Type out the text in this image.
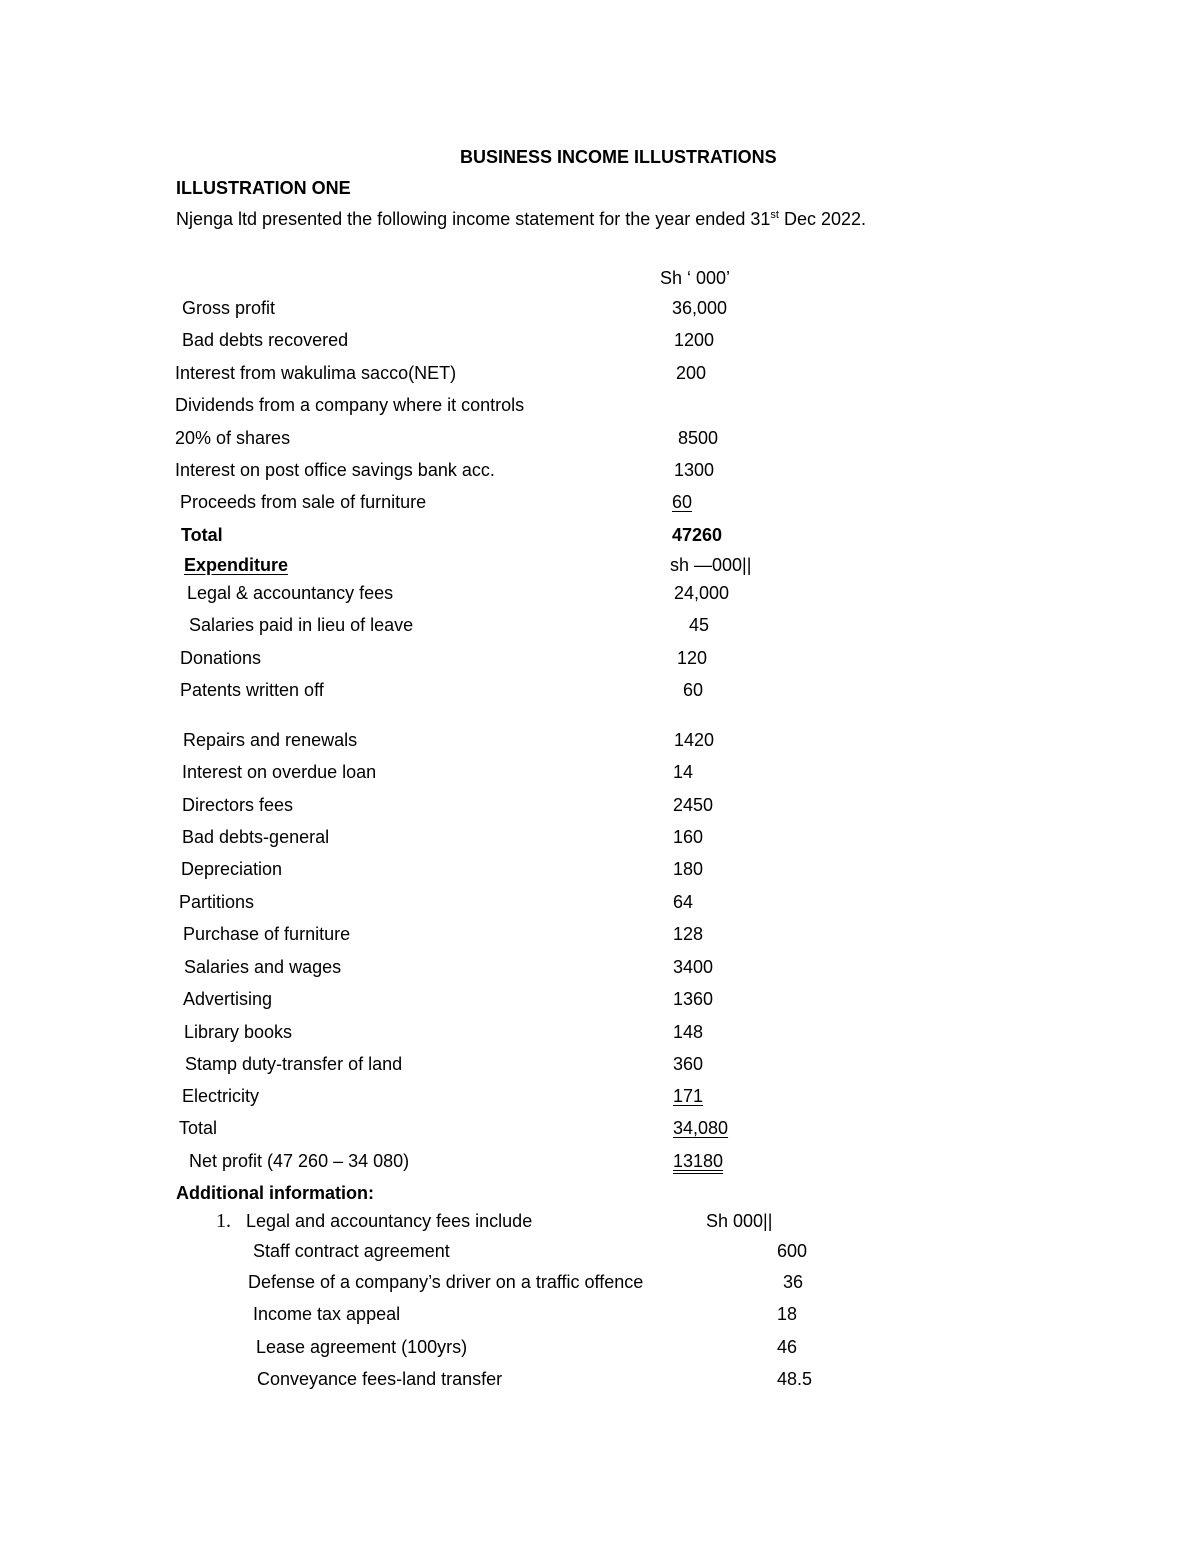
BUSINESS INCOME ILLUSTRATIONS
ILLUSTRATION ONE
Njenga ltd presented the following income statement for the year ended 31st Dec 2022.
Sh ‘ 000’
Gross profit	36,000
Bad debts recovered	1200
Interest from wakulima sacco(NET)	200
Dividends from a company where it controls
20% of shares	8500
Interest on post office savings bank acc.	1300
Proceeds from sale of furniture	60
Total	47260
Expenditure	sh —000||
Legal & accountancy fees	24,000
Salaries paid in lieu of leave	45
Donations	120
Patents written off	60
Repairs and renewals	1420
Interest on overdue loan	14
Directors fees	2450
Bad debts-general	160
Depreciation	180
Partitions	64
Purchase of furniture	128
Salaries and wages	3400
Advertising	1360
Library books	148
Stamp duty-transfer of land	360
Electricity	171
Total	34,080
Net profit (47 260 – 34 080)	13180
Additional information:
1. Legal and accountancy fees include	Sh 000||
Staff contract agreement	600
Defense of a company’s driver on a traffic offence	36
Income tax appeal	18
Lease agreement (100yrs)	46
Conveyance fees-land transfer	48.5
